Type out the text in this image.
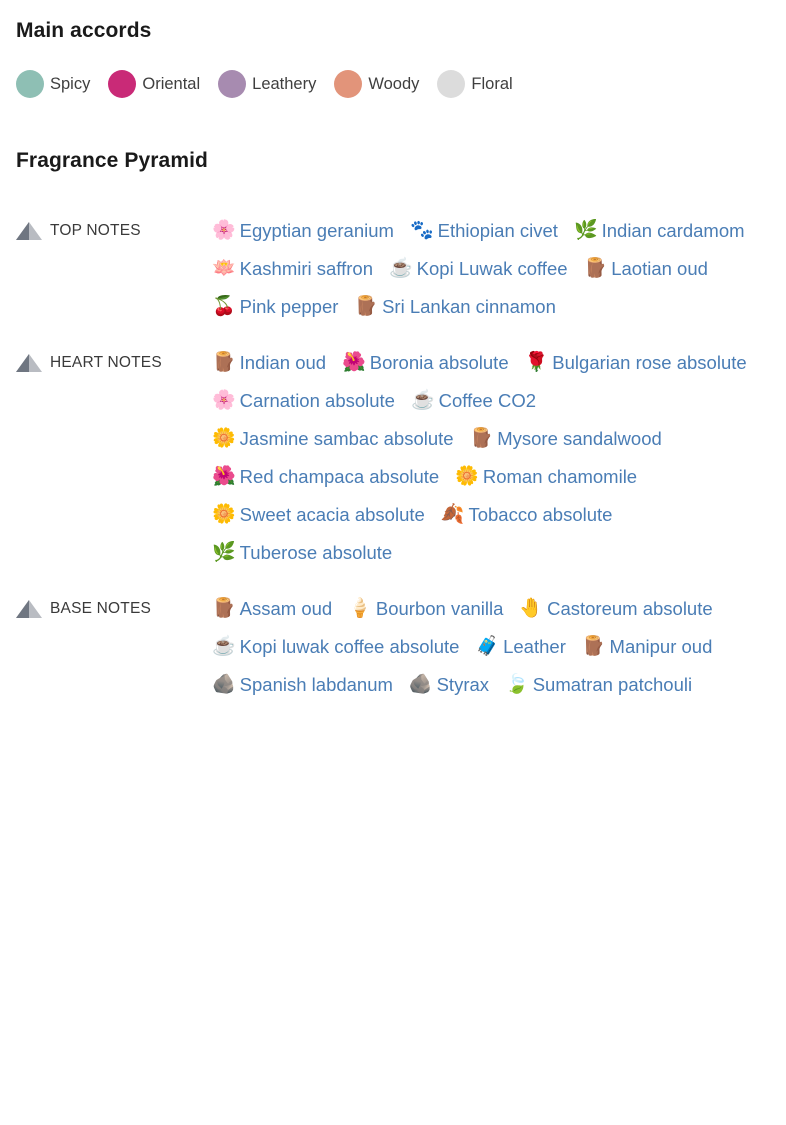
Main accords
Spicy	Oriental	Leathery	Woody	Floral
Fragrance Pyramid
TOP NOTES	🌸 Egyptian geranium 🐾 Ethiopian civet 🌿 Indian cardamom
🪷 Kashmiri saffron ☕ Kopi Luwak coffee 🪵 Laotian oud
🍒 Pink pepper 🪵 Sri Lankan cinnamon
HEART NOTES	🪵 Indian oud 🌺 Boronia absolute 🌹 Bulgarian rose absolute
🌸 Carnation absolute ☕ Coffee CO2
🌼 Jasmine sambac absolute 🪵 Mysore sandalwood
🌺 Red champaca absolute 🌼 Roman chamomile
🌼 Sweet acacia absolute 🍂 Tobacco absolute
🌿 Tuberose absolute
BASE NOTES	🪵 Assam oud 🍦 Bourbon vanilla 🤚 Castoreum absolute
☕ Kopi luwak coffee absolute 🧳 Leather 🪵 Manipur oud
🪨 Spanish labdanum 🪨 Styrax 🍃 Sumatran patchouli
